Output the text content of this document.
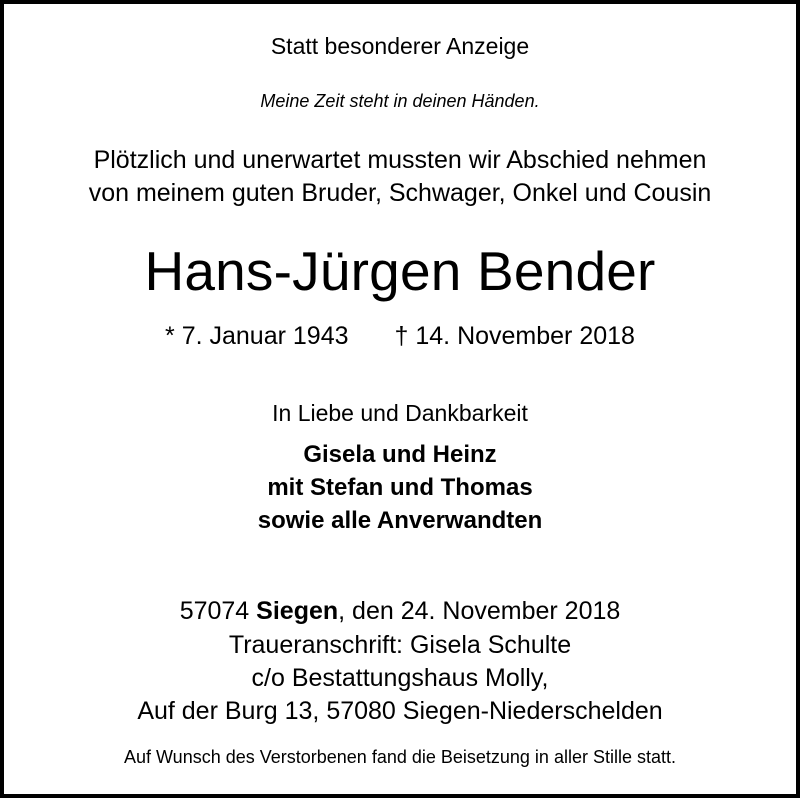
Statt besonderer Anzeige

Meine Zeit steht in deinen Händen.

Plötzlich und unerwartet mussten wir Abschied nehmen

von meinem guten Bruder, Schwager, Onkel und Cousin

Hans-Jürgen Bender

* 7. Januar 1943 † 14. November 2018

In Liebe und Dankbarkeit

Gisela und Heinz

mit Stefan und Thomas

sowie alle Anverwandten

57074 Siegen, den 24. November 2018

Traueranschrift: Gisela Schulte

c/o Bestattungshaus Molly,

Auf der Burg 13, 57080 Siegen-Niederschelden

Auf Wunsch des Verstorbenen fand die Beisetzung in aller Stille statt.
